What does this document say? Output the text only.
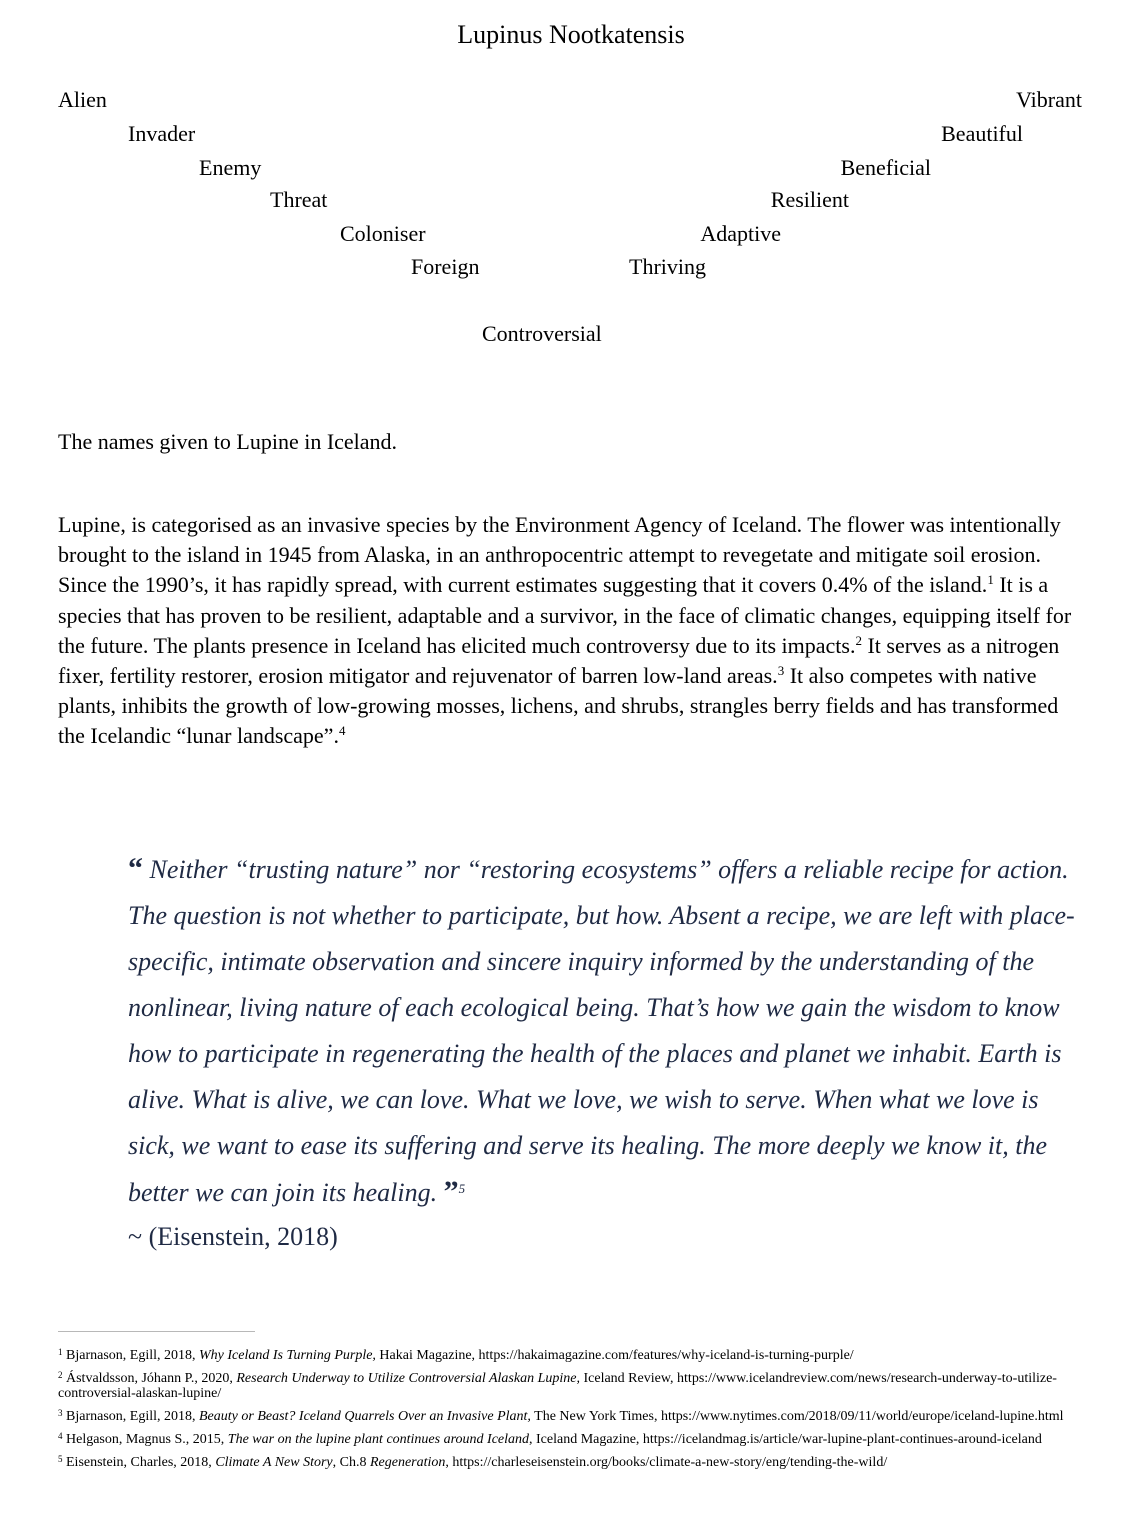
Lupinus Nootkatensis
Alien
Invader
Enemy
Threat
Coloniser
Foreign
Vibrant
Beautiful
Beneficial
Resilient
Adaptive
Thriving
Controversial
The names given to Lupine in Iceland.
Lupine, is categorised as an invasive species by the Environment Agency of Iceland. The flower was intentionally brought to the island in 1945 from Alaska, in an anthropocentric attempt to revegetate and mitigate soil erosion. Since the 1990’s, it has rapidly spread, with current estimates suggesting that it covers 0.4% of the island.$^1$ It is a species that has proven to be resilient, adaptable and a survivor, in the face of climatic changes, equipping itself for the future. The plants presence in Iceland has elicited much controversy due to its impacts.$^2$ It serves as a nitrogen fixer, fertility restorer, erosion mitigator and rejuvenator of barren low-land areas.$^3$ It also competes with native plants, inhibits the growth of low-growing mosses, lichens, and shrubs, strangles berry fields and has transformed the Icelandic “lunar landscape”.$^4$
“ Neither “trusting nature” nor “restoring ecosystems” offers a reliable recipe for action. The question is not whether to participate, but how. Absent a recipe, we are left with place-specific, intimate observation and sincere inquiry informed by the understanding of the nonlinear, living nature of each ecological being. That’s how we gain the wisdom to know how to participate in regenerating the health of the places and planet we inhabit. Earth is alive. What is alive, we can love. What we love, we wish to serve. When what we love is sick, we want to ease its suffering and serve its healing. The more deeply we know it, the better we can join its healing. ”$^5$
~ (Eisenstein, 2018)
$^1$ Bjarnason, Egill, 2018, Why Iceland Is Turning Purple, Hakai Magazine, https://hakaimagazine.com/features/why-iceland-is-turning-purple/
$^2$ Ástvaldsson, Jóhann P., 2020, Research Underway to Utilize Controversial Alaskan Lupine, Iceland Review, https://www.icelandreview.com/news/research-underway-to-utilize-controversial-alaskan-lupine/
$^3$ Bjarnason, Egill, 2018, Beauty or Beast? Iceland Quarrels Over an Invasive Plant, The New York Times, https://www.nytimes.com/2018/09/11/world/europe/iceland-lupine.html
$^4$ Helgason, Magnus S., 2015, The war on the lupine plant continues around Iceland, Iceland Magazine, https://icelandmag.is/article/war-lupine-plant-continues-around-iceland
$^5$ Eisenstein, Charles, 2018, Climate A New Story, Ch.8 Regeneration, https://charleseisenstein.org/books/climate-a-new-story/eng/tending-the-wild/
